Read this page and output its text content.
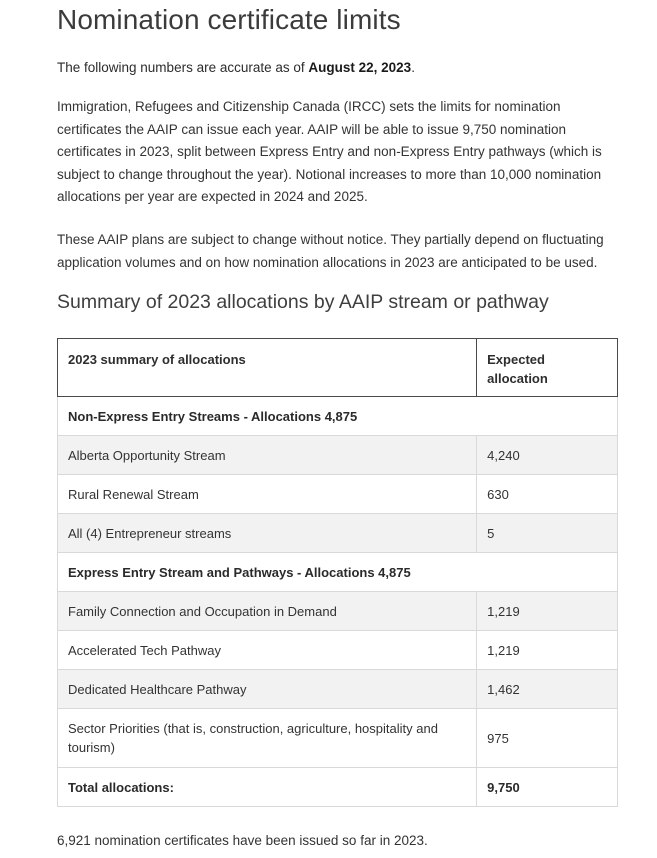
Nomination certificate limits

The following numbers are accurate as of August 22, 2023.

Immigration, Refugees and Citizenship Canada (IRCC) sets the limits for nomination
certificates the AAIP can issue each year. AAIP will be able to issue 9,750 nomination
certificates in 2023, split between Express Entry and non-Express Entry pathways (which is
subject to change throughout the year). Notional increases to more than 10,000 nomination
allocations per year are expected in 2024 and 2025.

These AAIP plans are subject to change without notice. They partially depend on fluctuating
application volumes and on how nomination allocations in 2023 are anticipated to be used.

Summary of 2023 allocations by AAIP stream or pathway
2023 summary of allocations	Expected
allocation
Non-Express Entry Streams - Allocations 4,875	
Alberta Opportunity Stream	4,240
Rural Renewal Stream	630
All (4) Entrepreneur streams	5
Express Entry Stream and Pathways - Allocations 4,875	
Family Connection and Occupation in Demand	1,219
Accelerated Tech Pathway	1,219
Dedicated Healthcare Pathway	1,462
Sector Priorities (that is, construction, agriculture, hospitality and
tourism)	975
Total allocations:	9,750

6,921 nomination certificates have been issued so far in 2023.
